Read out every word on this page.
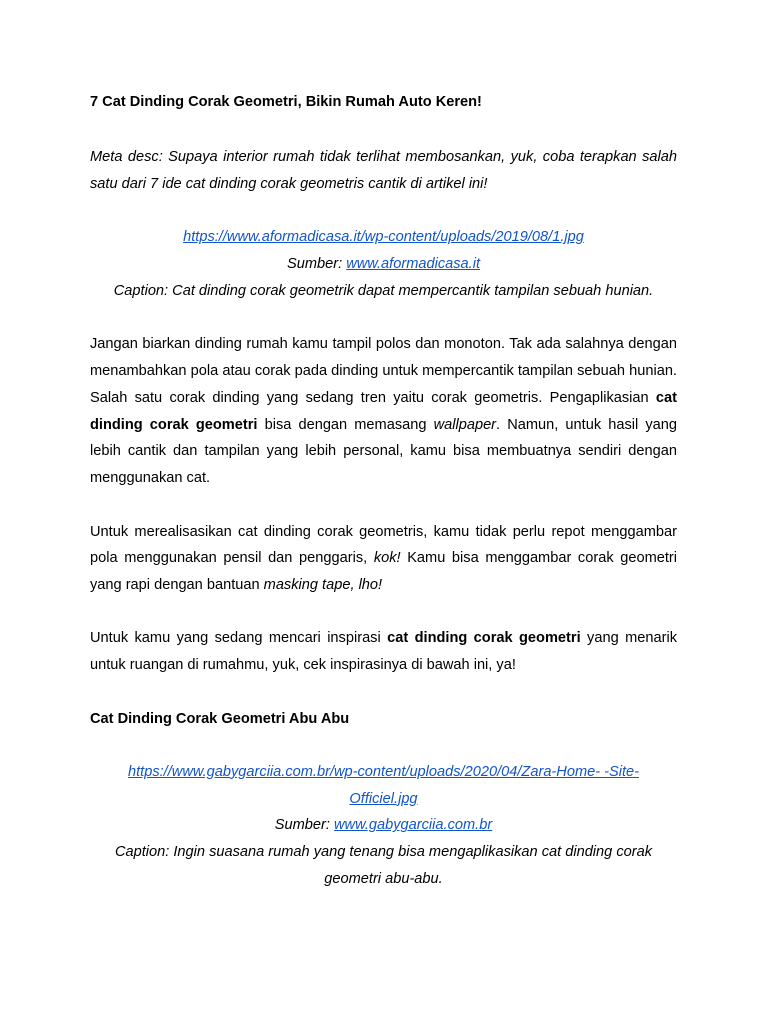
7 Cat Dinding Corak Geometri, Bikin Rumah Auto Keren!

Meta desc: Supaya interior rumah tidak terlihat membosankan, yuk, coba terapkan salah satu dari 7 ide cat dinding corak geometris cantik di artikel ini!

https://www.aformadicasa.it/wp-content/uploads/2019/08/1.jpg

Sumber: www.aformadicasa.it

Caption: Cat dinding corak geometrik dapat mempercantik tampilan sebuah hunian.

Jangan biarkan dinding rumah kamu tampil polos dan monoton. Tak ada salahnya dengan menambahkan pola atau corak pada dinding untuk mempercantik tampilan sebuah hunian. Salah satu corak dinding yang sedang tren yaitu corak geometris. Pengaplikasian cat dinding corak geometri bisa dengan memasang wallpaper. Namun, untuk hasil yang lebih cantik dan tampilan yang lebih personal, kamu bisa membuatnya sendiri dengan menggunakan cat.

Untuk merealisasikan cat dinding corak geometris, kamu tidak perlu repot menggambar pola menggunakan pensil dan penggaris, kok! Kamu bisa menggambar corak geometri yang rapi dengan bantuan masking tape, lho!

Untuk kamu yang sedang mencari inspirasi cat dinding corak geometri yang menarik untuk ruangan di rumahmu, yuk, cek inspirasinya di bawah ini, ya!

Cat Dinding Corak Geometri Abu Abu

https://www.gabygarciia.com.br/wp-content/uploads/2020/04/Zara-Home- -Site-

Officiel.jpg

Sumber: www.gabygarciia.com.br

Caption: Ingin suasana rumah yang tenang bisa mengaplikasikan cat dinding corak

geometri abu-abu.
